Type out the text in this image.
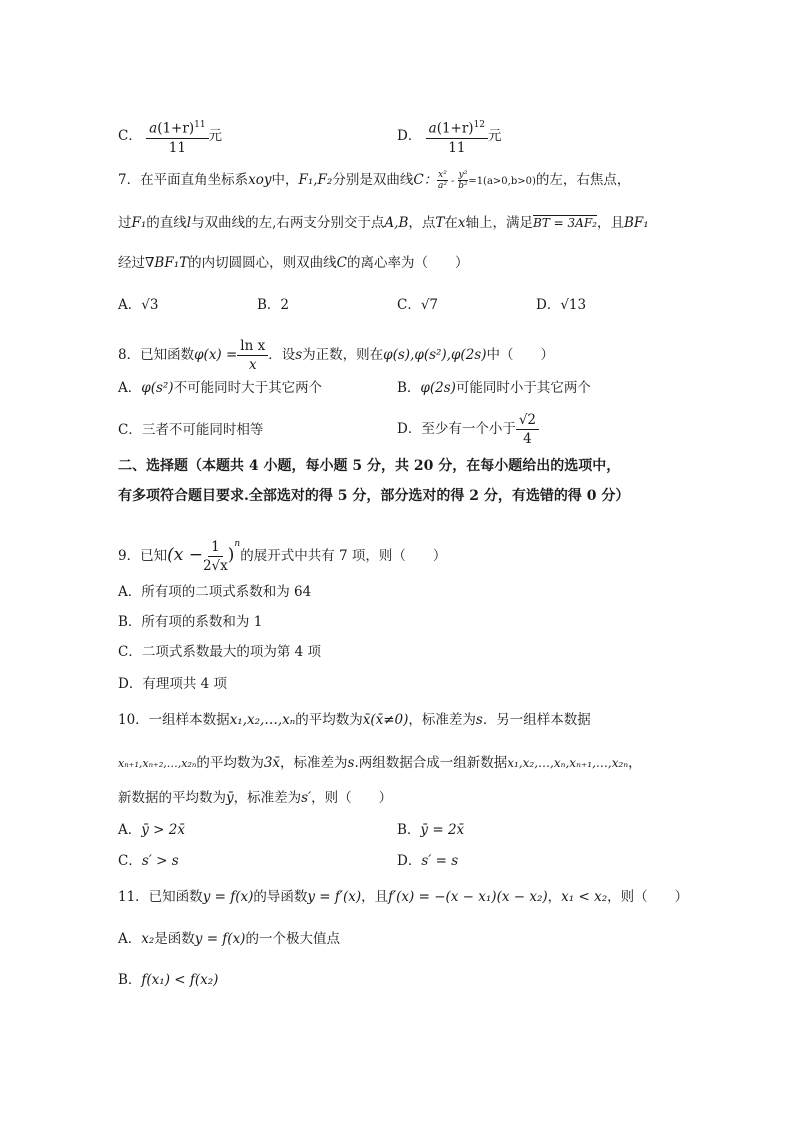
C． $\frac{a(1+r)^{11}}{11}$ 元	D． $\frac{a(1+r)^{12}}{11}$ 元
7．在平面直角坐标系xoy中，F₁,F₂分别是双曲线C： $\frac{\text{x²}}{\text{a²}} - \frac{\text{y²}}{\text{b²}} =1(a>0,b>0)$的左，右焦点，
过F₁的直线l与双曲线的左,右两支分别交于点A,B，点T在x轴上，满足BT = 3AF₂，且BF₁
经过∇BF₁T的内切圆圆心，则双曲线C的离心率为（　　）
A．√3	B．2	C．√7	D．√13
8．已知函数$\varphi(x) = \frac{\text{ln x}}{x}$ ．设s为正数，则在φ(s),φ(s²),φ(2s)中（　　）
A．φ(s²)不可能同时大于其它两个	B．φ(2s)可能同时小于其它两个
C．三者不可能同时相等	D．至少有一个小于 $\frac{√2}{4}$
二、选择题（本题共 4 小题，每小题 5 分，共 20 分，在每小题给出的选项中，
有多项符合题目要求.全部选对的得 5 分，部分选对的得 2 分，有选错的得 0 分）
9．已知$(x - \frac{1}{2√x} )^n$的展开式中共有 7 项，则（　　）
A．所有项的二项式系数和为 64
B．所有项的系数和为 1
C．二项式系数最大的项为第 4 项
D．有理项共 4 项
10．一组样本数据x₁,x₂,…,xₙ的平均数为x̄(x̄≠0)，标准差为s．另一组样本数据
xₙ₊₁,xₙ₊₂,…,x₂ₙ的平均数为3x̄，标准差为s.两组数据合成一组新数据x₁,x₂,…,xₙ,xₙ₊₁,…,x₂ₙ，
新数据的平均数为ȳ，标准差为s′，则（　　）
A．ȳ > 2x̄	B．ȳ = 2x̄
C．s′ > s	D．s′ = s
11．已知函数y = f(x)的导函数y = f′(x)，且f′(x) = −(x − x₁)(x − x₂)，x₁ < x₂，则（　　）
A．x₂是函数y = f(x)的一个极大值点
B．f(x₁) < f(x₂)
